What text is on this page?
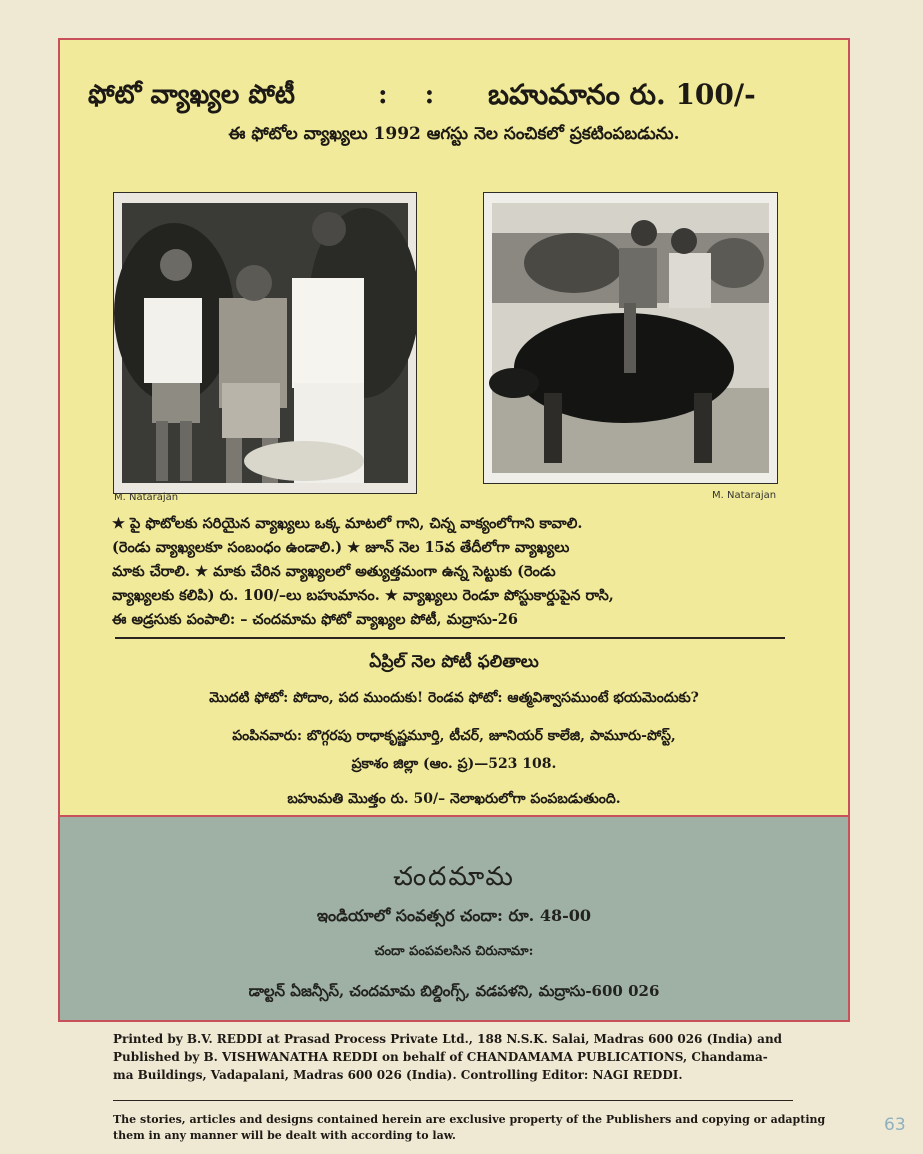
ఫోటో వ్యాఖ్యల పోటీ	: : బహుమానం రు. 100/-
ఈ ఫోటోల వ్యాఖ్యలు 1992 ఆగస్టు నెల సంచికలో ప్రకటింపబడును.
M. Natarajan	M. Natarajan

★ పై ఫొటోలకు సరియైన వ్యాఖ్యలు ఒక్క మాటలో గాని, చిన్న వాక్యంలోగాని కావాలి.

(రెండు వ్యాఖ్యలకూ సంబంధం ఉండాలి.) ★ జూన్ నెల 15వ తేదీలోగా వ్యాఖ్యలు

మాకు చేరాలి. ★ మాకు చేరిన వ్యాఖ్యలలో అత్యుత్తమంగా ఉన్న సెట్టుకు (రెండు

వ్యాఖ్యలకు కలిపి) రు. 100/–లు బహుమానం. ★ వ్యాఖ్యలు రెండూ పోస్టుకార్డుపైన రాసి,

ఈ అడ్రసుకు పంపాలి: – చందమామ ఫోటో వ్యాఖ్యల పోటీ, మద్రాసు-26

ఏప్రిల్ నెల పోటీ ఫలితాలు
మొదటి ఫోటో: పోదాం, పద ముందుకు! రెండవ ఫోటో: ఆత్మవిశ్వాసముంటే భయమెందుకు?
పంపినవారు: బొగ్గరపు రాధాకృష్ణమూర్తి, టీచర్, జూనియర్ కాలేజి, పామూరు-పోస్ట్,
ప్రకాశం జిల్లా (ఆం. ప్ర)—523 108.
బహుమతి మొత్తం రు. 50/– నెలాఖరులోగా పంపబడుతుంది.
చందమామ
ఇండియాలో సంవత్సర చందా: రూ. 48-00
చందా పంపవలసిన చిరునామా:
డాల్టన్ ఏజన్సీస్, చందమామ బిల్డింగ్స్, వడపళని, మద్రాసు-600 026

Printed by B.V. REDDI at Prasad Process Private Ltd., 188 N.S.K. Salai, Madras 600 026 (India) and

Published by B. VISHWANATHA REDDI on behalf of CHANDAMAMA PUBLICATIONS, Chandama-

ma Buildings, Vadapalani, Madras 600 026 (India). Controlling Editor: NAGI REDDI.

The stories, articles and designs contained herein are exclusive property of the Publishers and copying or adapting

them in any manner will be dealt with according to law.

63
